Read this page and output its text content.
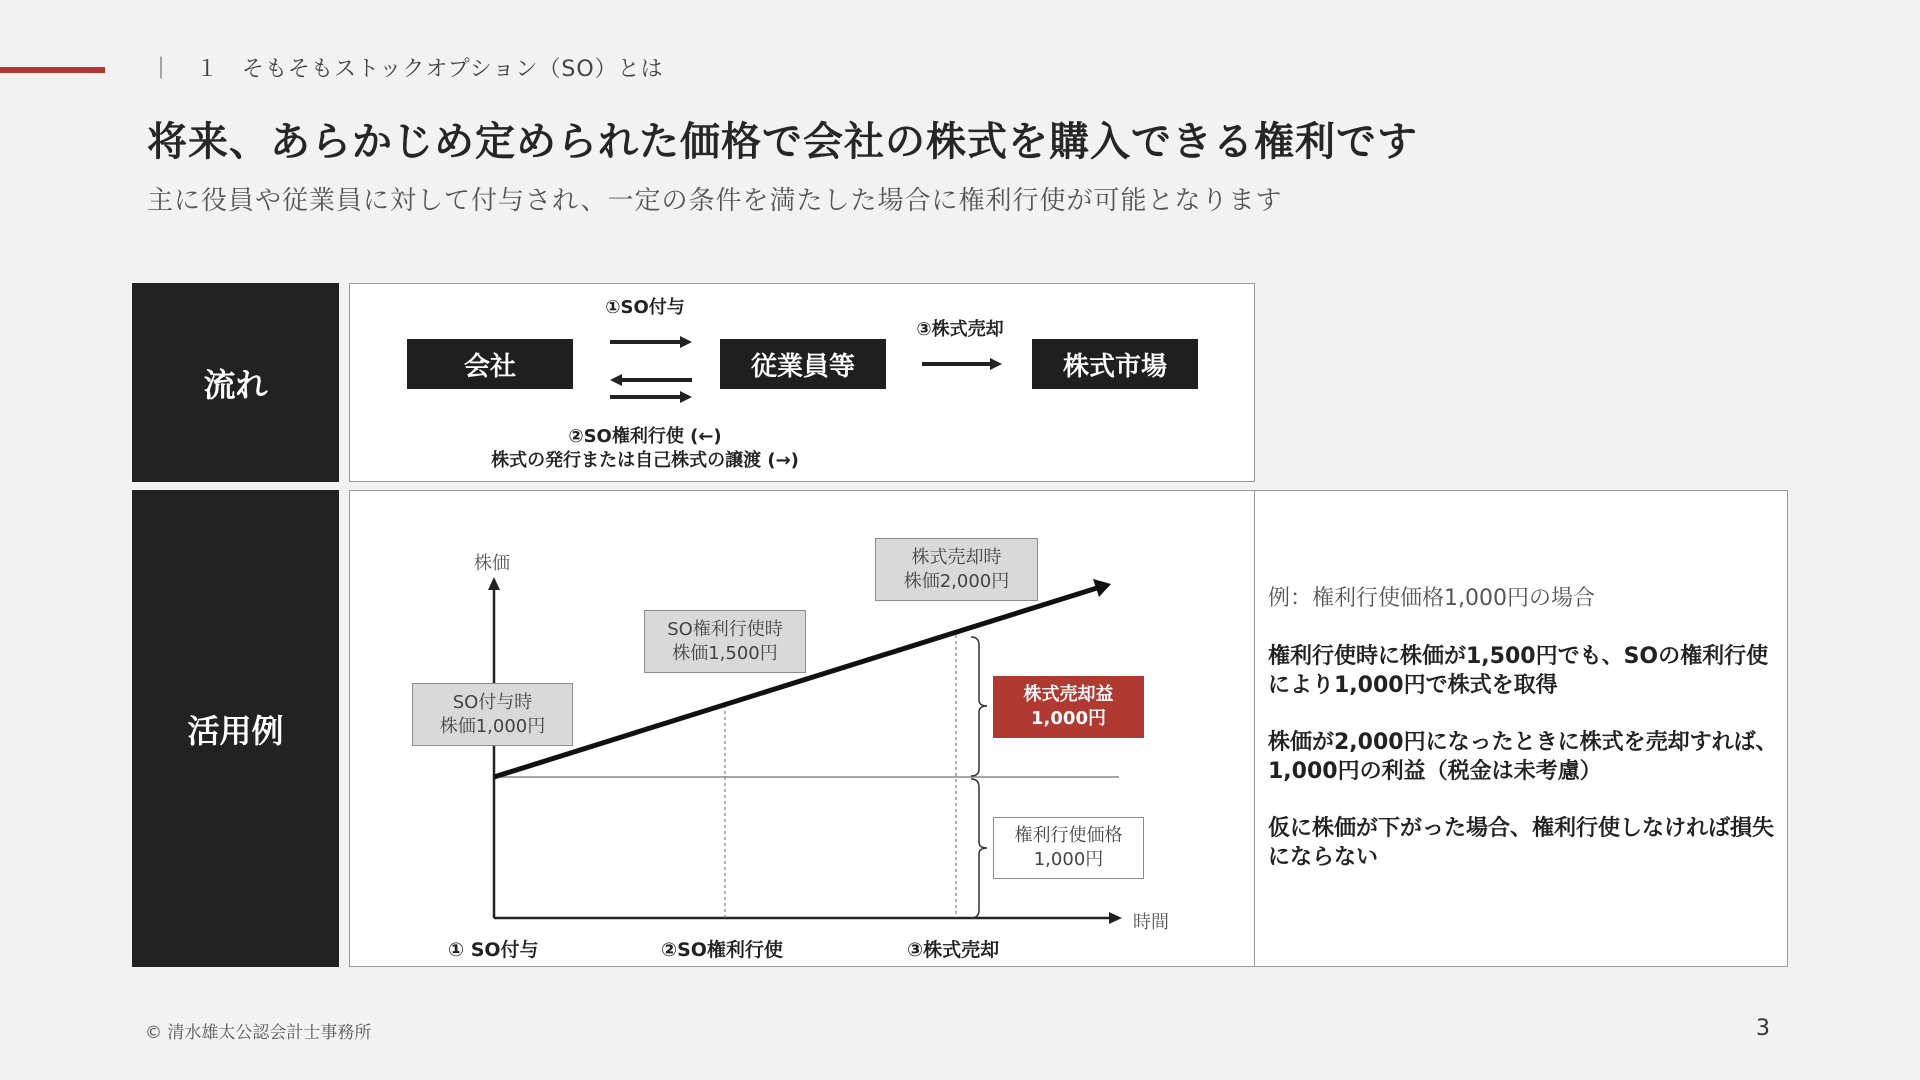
｜　１　そもそもストックオプション（SO）とは
将来、あらかじめ定められた価格で会社の株式を購入できる権利です
主に役員や従業員に対して付与され、一定の条件を満たした場合に権利行使が可能となります
流れ	会社	従業員等	株式市場
①SO付与
③株式売却
②SO権利行使 (←)
株式の発行または自己株式の譲渡 (→)
活用例
株価
時間
SO付与時
株価1,000円
SO権利行使時
株価1,500円
株式売却時
株価2,000円
株式売却益
1,000円
権利行使価格
1,000円
① SO付与	②SO権利行使	③株式売却
例：権利行使価格1,000円の場合
権利行使時に株価が1,500円でも、SOの権利行使により1,000円で株式を取得
株価が2,000円になったときに株式を売却すれば、1,000円の利益（税金は未考慮）
仮に株価が下がった場合、権利行使しなければ損失にならない
© 清水雄太公認会計士事務所	3
